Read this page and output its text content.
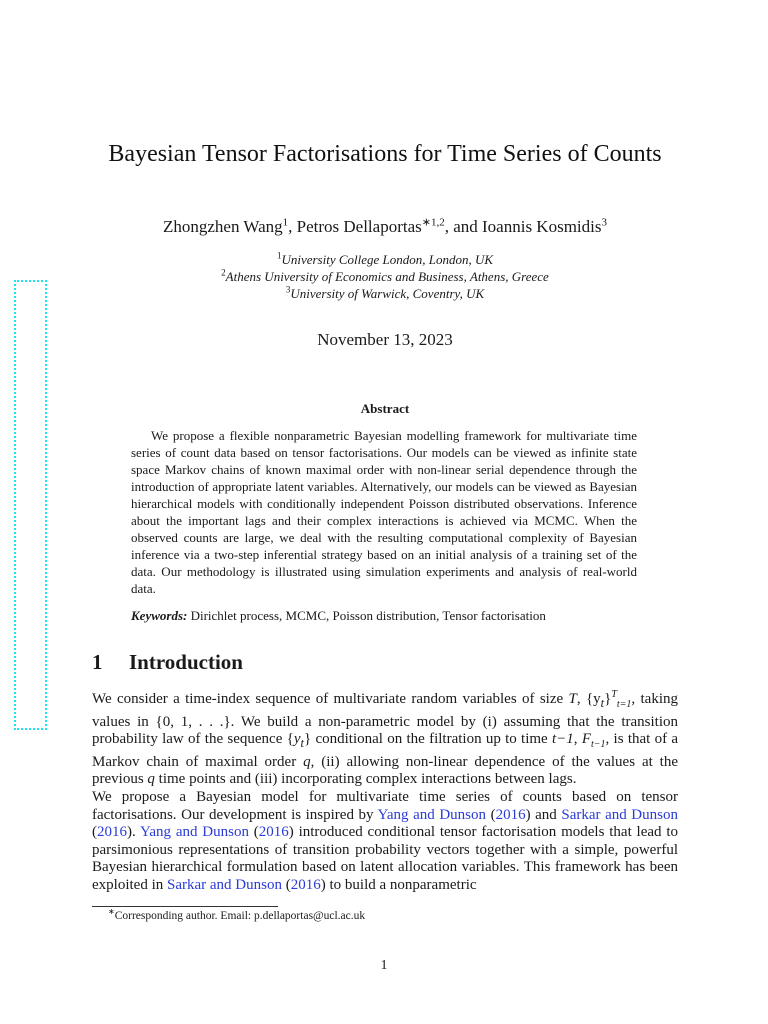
Bayesian Tensor Factorisations for Time Series of Counts
Zhongzhen Wang$^1$, Petros Dellaportas$^{∗1,2}$, and Ioannis Kosmidis$^3$
$^1$University College London, London, UK
$^2$Athens University of Economics and Business, Athens, Greece
$^3$University of Warwick, Coventry, UK
November 13, 2023
Abstract
We propose a flexible nonparametric Bayesian modelling framework for multivariate time series of count data based on tensor factorisations. Our models can be viewed as infinite state space Markov chains of known maximal order with non-linear serial dependence through the introduction of appropriate latent variables. Alternatively, our models can be viewed as Bayesian hierarchical models with conditionally independent Poisson distributed observations. Inference about the important lags and their complex interactions is achieved via MCMC. When the observed counts are large, we deal with the resulting computational complexity of Bayesian inference via a two-step inferential strategy based on an initial analysis of a training set of the data. Our methodology is illustrated using simulation experiments and analysis of real-world data.
Keywords: Dirichlet process, MCMC, Poisson distribution, Tensor factorisation
1 Introduction

We consider a time-index sequence of multivariate random variables of size T, $\{y_t\}^T_{t=1}$, taking values in {0, 1, . . .}. We build a non-parametric model by (i) assuming that the transition probability law of the sequence $\{y_t\}$ conditional on the filtration up to time t−1, $F_{t-1}$, is that of a Markov chain of maximal order q, (ii) allowing non-linear dependence of the values at the previous q time points and (iii) incorporating complex interactions between lags.

We propose a Bayesian model for multivariate time series of counts based on tensor factorisations. Our development is inspired by Yang and Dunson (2016) and Sarkar and Dunson (2016). Yang and Dunson (2016) introduced conditional tensor factorisation models that lead to parsimonious representations of transition probability vectors together with a simple, powerful Bayesian hierarchical formulation based on latent allocation variables. This framework has been exploited in Sarkar and Dunson (2016) to build a nonparametric

∗Corresponding author. Email: p.dellaportas@ucl.ac.uk
1
